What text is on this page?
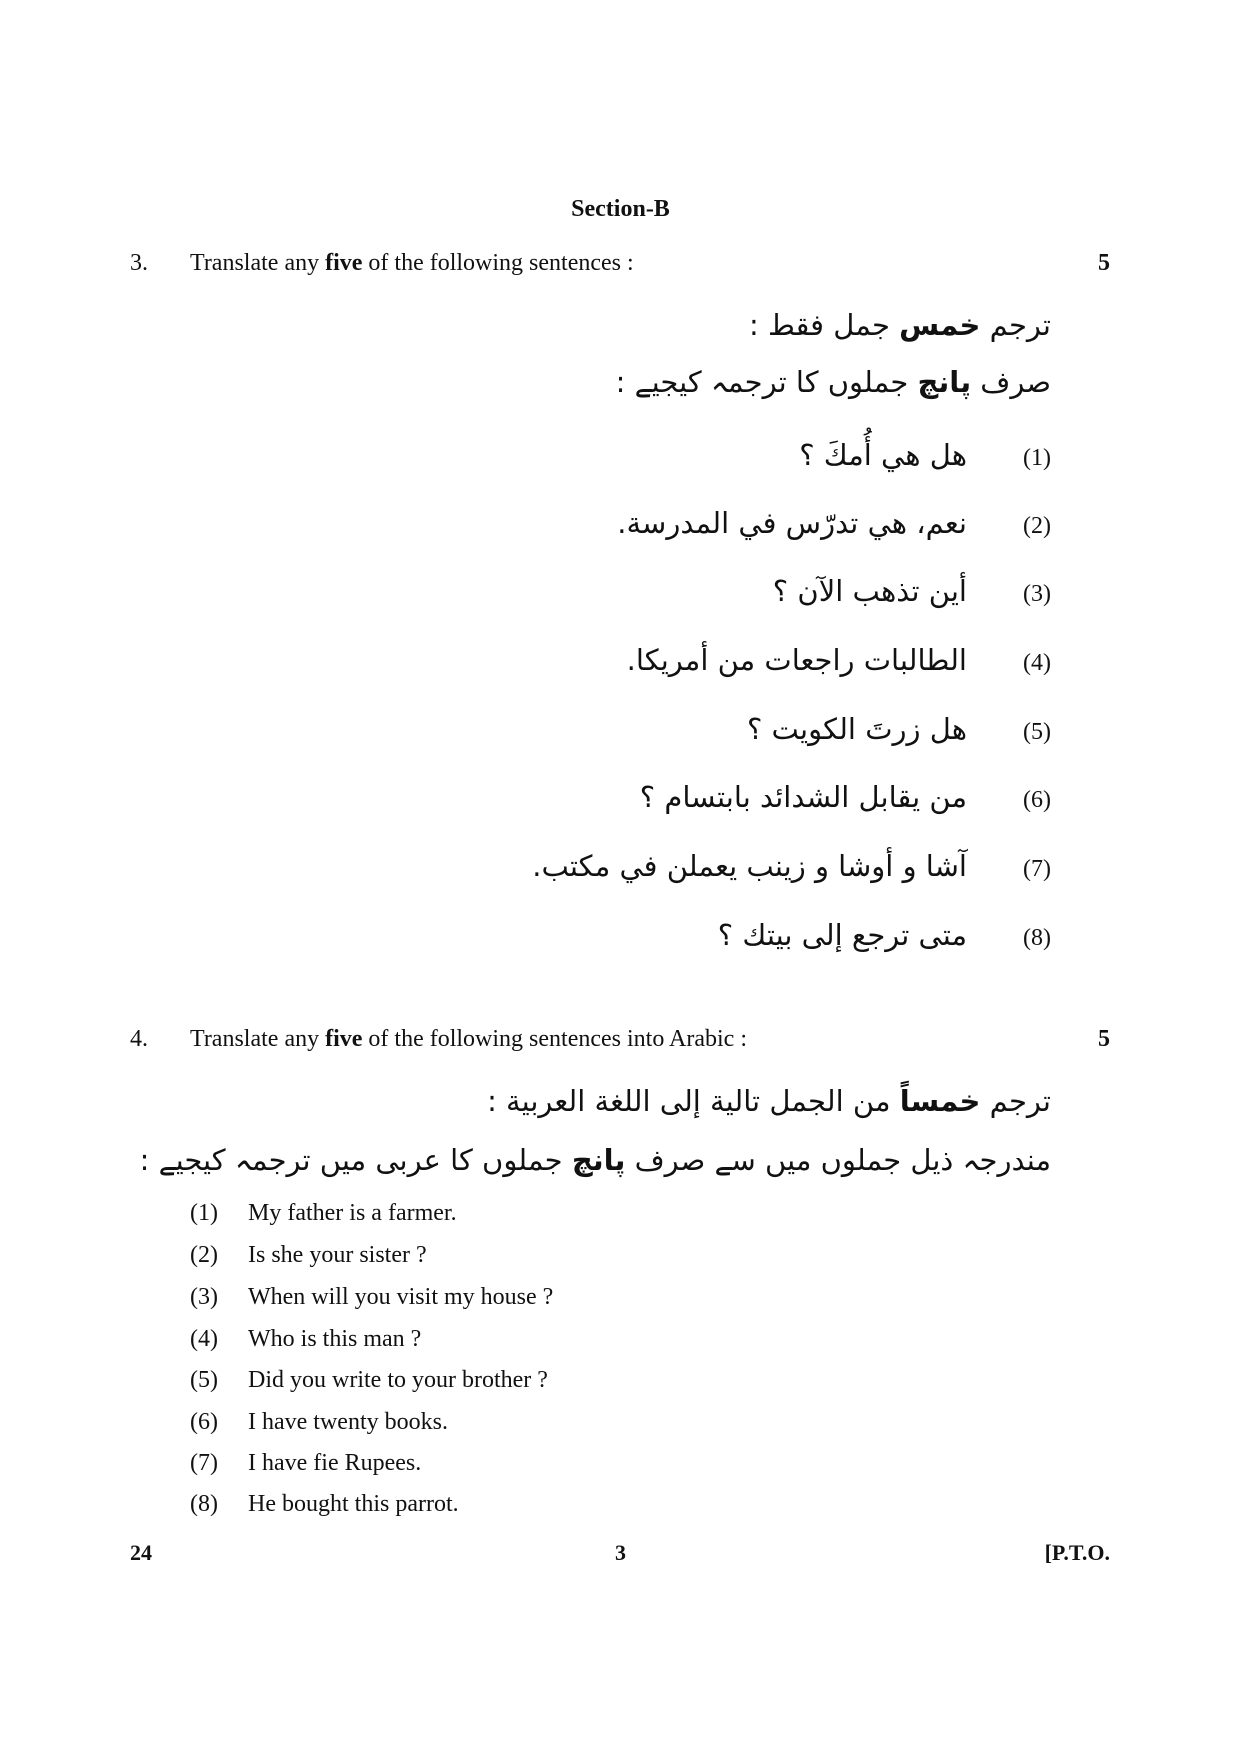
Section-B
3. Translate any five of the following sentences :	5
ترجم خمس جمل فقط :
صرف پانچ جملوں کا ترجمہ کیجیے :
(1)هل هي أُمكَ ؟
(2)نعم، هي تدرّس في المدرسة.
(3)أين تذهب الآن ؟
(4)الطالبات راجعات من أمريكا.
(5)هل زرتَ الكويت ؟
(6)من يقابل الشدائد بابتسام ؟
(7)آشا و أوشا و زينب يعملن في مكتب.
(8)متى ترجع إلى بيتك ؟
4. Translate any five of the following sentences into Arabic :	5
ترجم خمساً من الجمل تالية إلى اللغة العربية :
مندرجہ ذیل جملوں میں سے صرف پانچ جملوں کا عربی میں ترجمہ کیجیے :
(1) My father is a farmer.
(2) Is she your sister ?
(3) When will you visit my house ?
(4) Who is this man ?
(5) Did you write to your brother ?
(6) I have twenty books.
(7) I have fie Rupees.
(8) He bought this parrot.
24	3	[P.T.O.
